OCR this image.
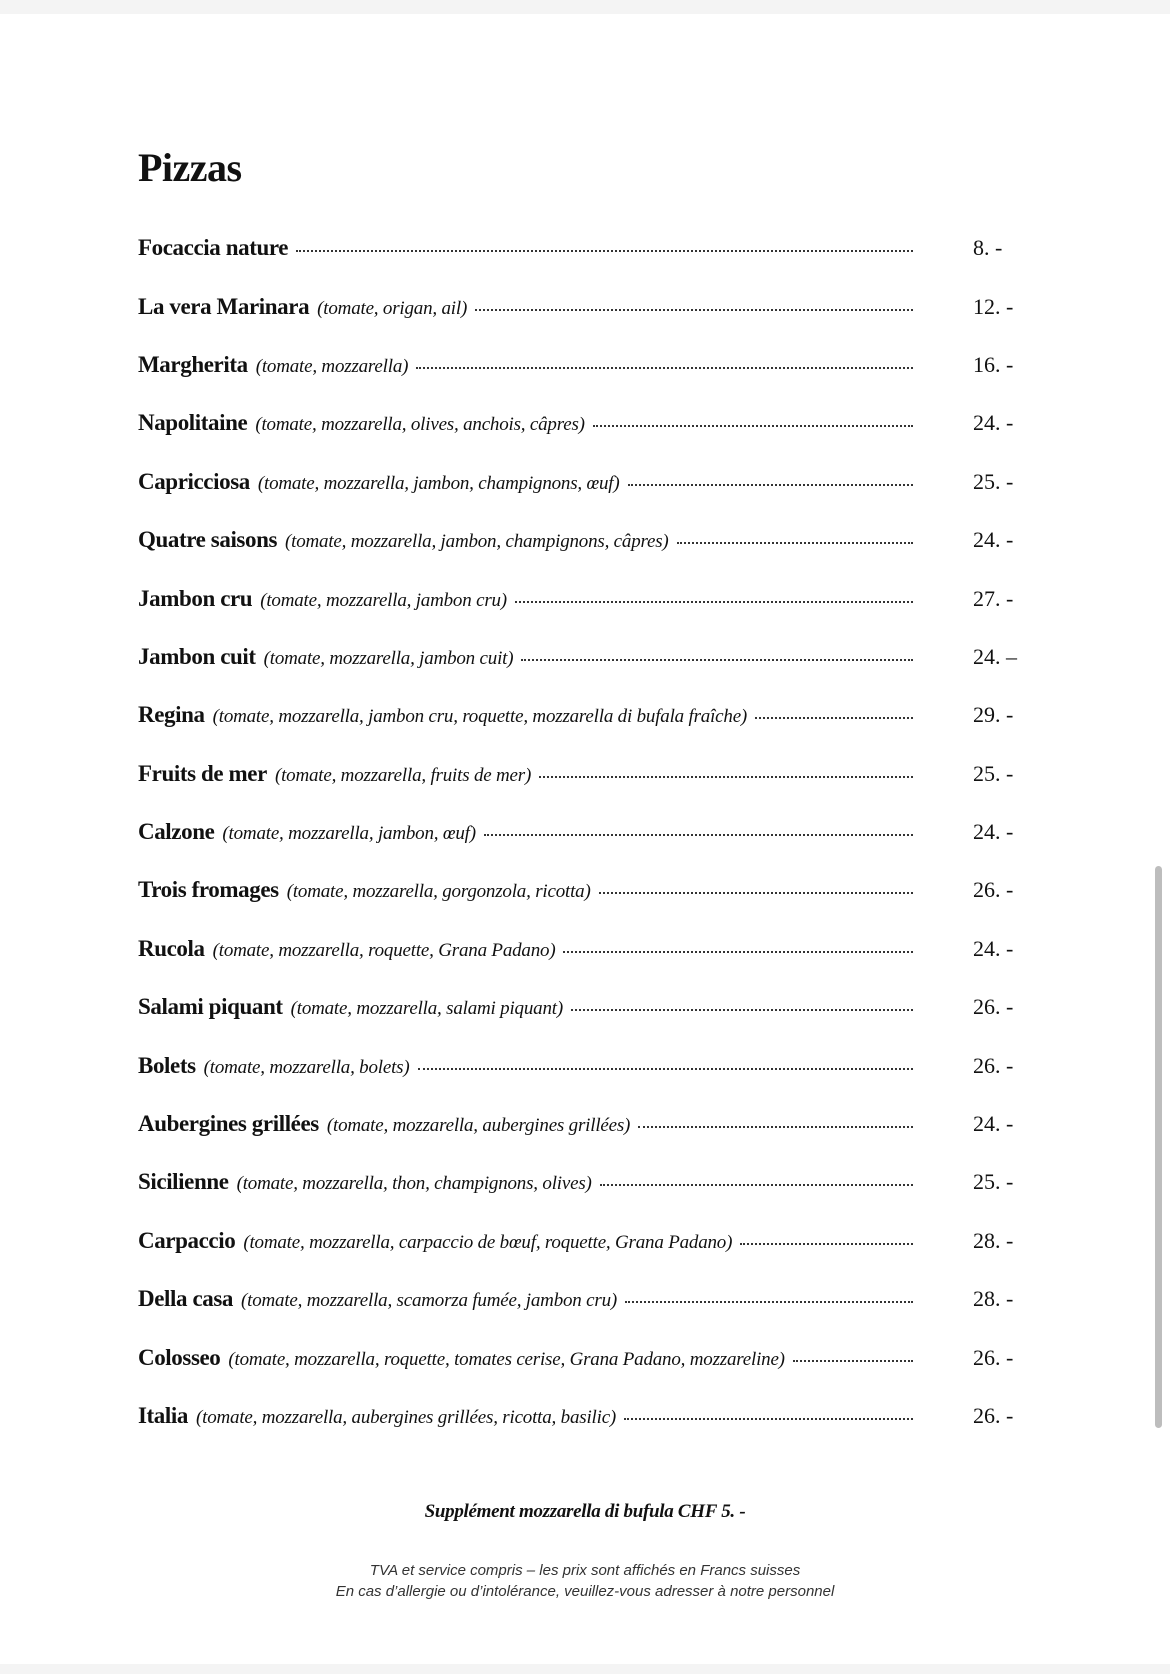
Pizzas
Focaccia nature	8. -
La vera Marinara (tomate, origan, ail)	12. -
Margherita (tomate, mozzarella)	16. -
Napolitaine (tomate, mozzarella, olives, anchois, câpres)	24. -
Capricciosa (tomate, mozzarella, jambon, champignons, œuf)	25. -
Quatre saisons (tomate, mozzarella, jambon, champignons, câpres)	24. -
Jambon cru (tomate, mozzarella, jambon cru)	27. -
Jambon cuit (tomate, mozzarella, jambon cuit)	24. –
Regina (tomate, mozzarella, jambon cru, roquette, mozzarella di bufala fraîche)	29. -
Fruits de mer (tomate, mozzarella, fruits de mer)	25. -
Calzone (tomate, mozzarella, jambon, œuf)	24. -
Trois fromages (tomate, mozzarella, gorgonzola, ricotta)	26. -
Rucola (tomate, mozzarella, roquette, Grana Padano)	24. -
Salami piquant (tomate, mozzarella, salami piquant)	26. -
Bolets (tomate, mozzarella, bolets)	26. -
Aubergines grillées (tomate, mozzarella, aubergines grillées)	24. -
Sicilienne (tomate, mozzarella, thon, champignons, olives)	25. -
Carpaccio (tomate, mozzarella, carpaccio de bœuf, roquette, Grana Padano)	28. -
Della casa (tomate, mozzarella, scamorza fumée, jambon cru)	28. -
Colosseo (tomate, mozzarella, roquette, tomates cerise, Grana Padano, mozzareline)	26. -
Italia (tomate, mozzarella, aubergines grillées, ricotta, basilic)	26. -
Supplément mozzarella di bufula CHF 5. -
TVA et service compris – les prix sont affichés en Francs suisses
En cas d’allergie ou d’intolérance, veuillez-vous adresser à notre personnel
